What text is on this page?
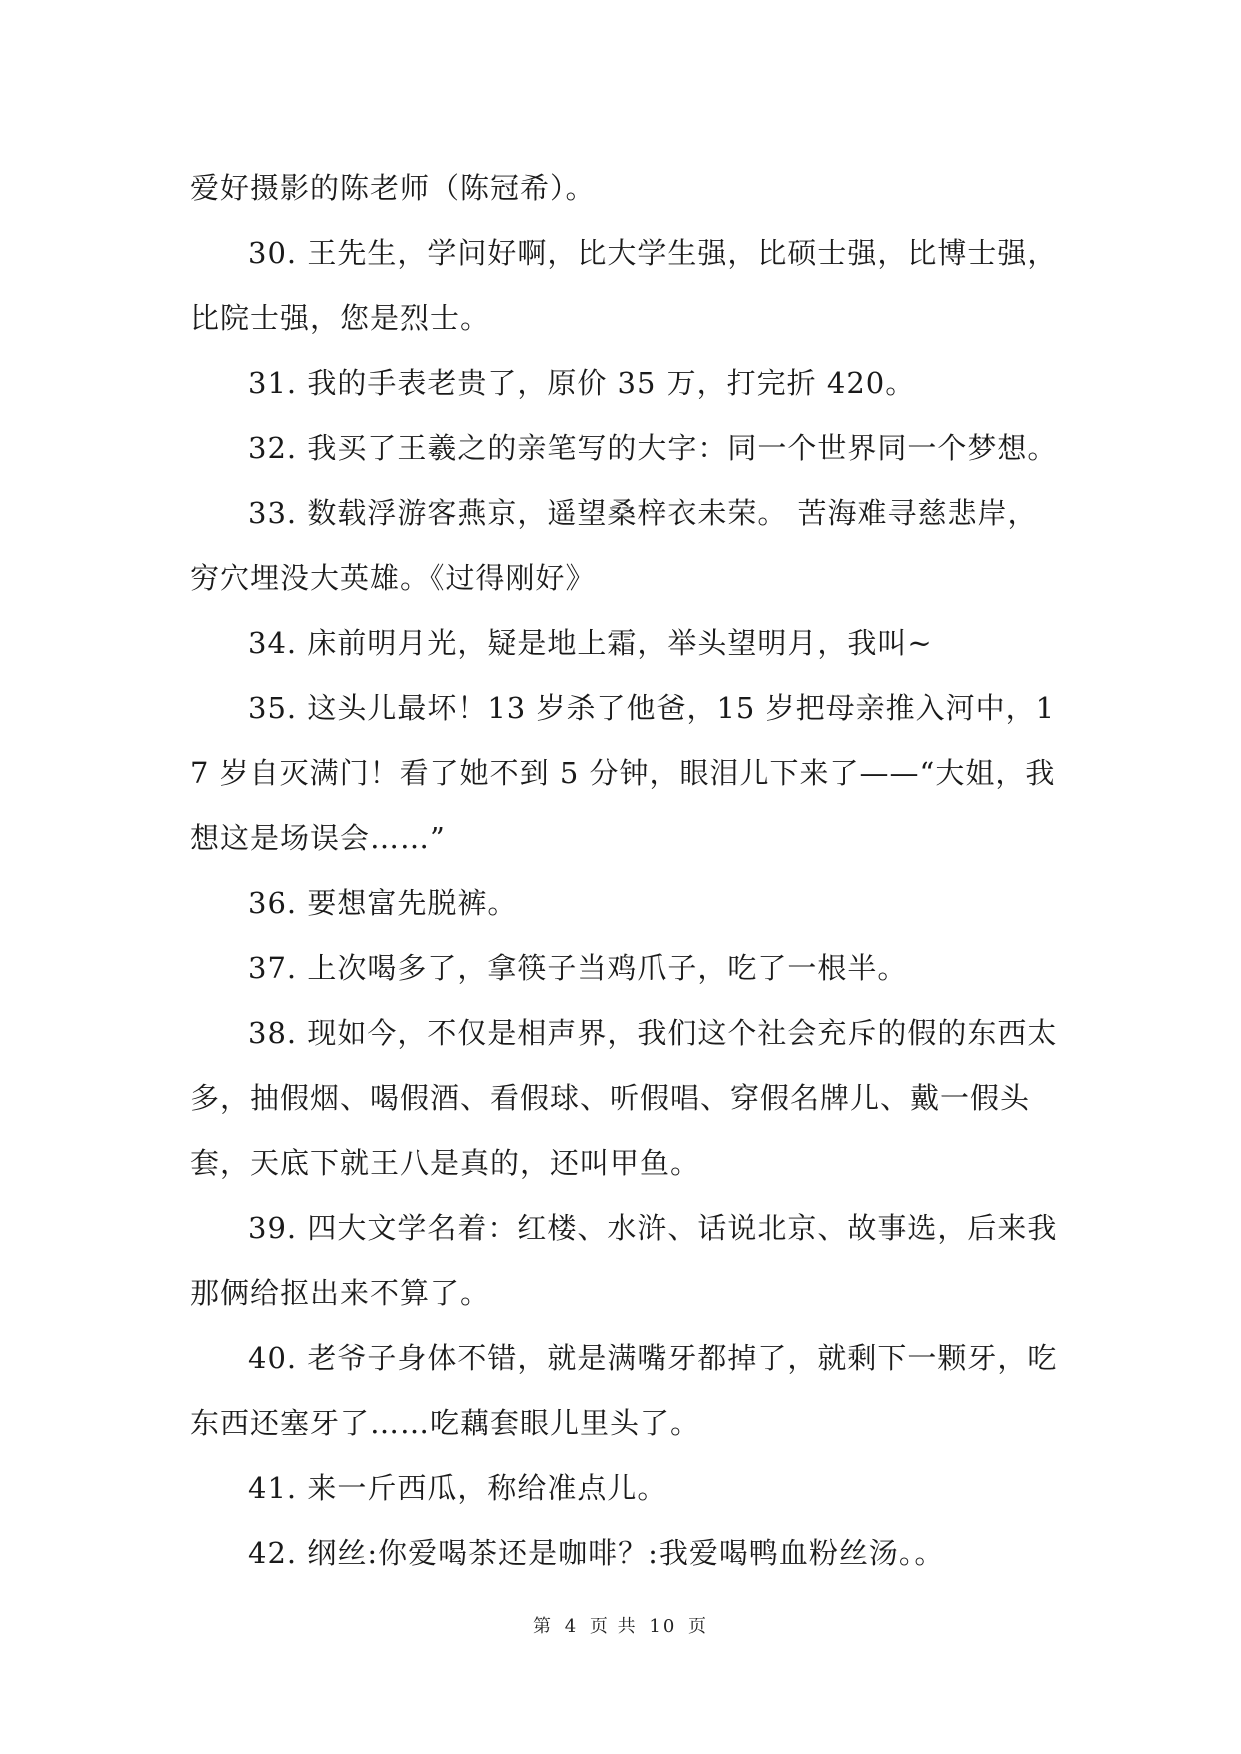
爱好摄影的陈老师（陈冠希）。

30. 王先生，学问好啊，比大学生强，比硕士强，比博士强，比院士强，您是烈士。

31. 我的手表老贵了，原价 35 万，打完折 420。

32. 我买了王羲之的亲笔写的大字：同一个世界同一个梦想。

33. 数载浮游客燕京，遥望桑梓衣未荣。 苦海难寻慈悲岸，穷穴埋没大英雄。《过得刚好》

34. 床前明月光，疑是地上霜，举头望明月，我叫~

35. 这头儿最坏！13 岁杀了他爸，15 岁把母亲推入河中，17 岁自灭满门！看了她不到 5 分钟，眼泪儿下来了——“大姐，我想这是场误会……”

36. 要想富先脱裤。

37. 上次喝多了，拿筷子当鸡爪子，吃了一根半。

38. 现如今，不仅是相声界，我们这个社会充斥的假的东西太多，抽假烟、喝假酒、看假球、听假唱、穿假名牌儿、戴一假头套，天底下就王八是真的，还叫甲鱼。

39. 四大文学名着：红楼、水浒、话说北京、故事选，后来我那俩给抠出来不算了。

40. 老爷子身体不错，就是满嘴牙都掉了，就剩下一颗牙，吃东西还塞牙了……吃藕套眼儿里头了。

41. 来一斤西瓜，称给准点儿。

42. 纲丝:你爱喝茶还是咖啡？:我爱喝鸭血粉丝汤。。

第 4 页 共 10 页
